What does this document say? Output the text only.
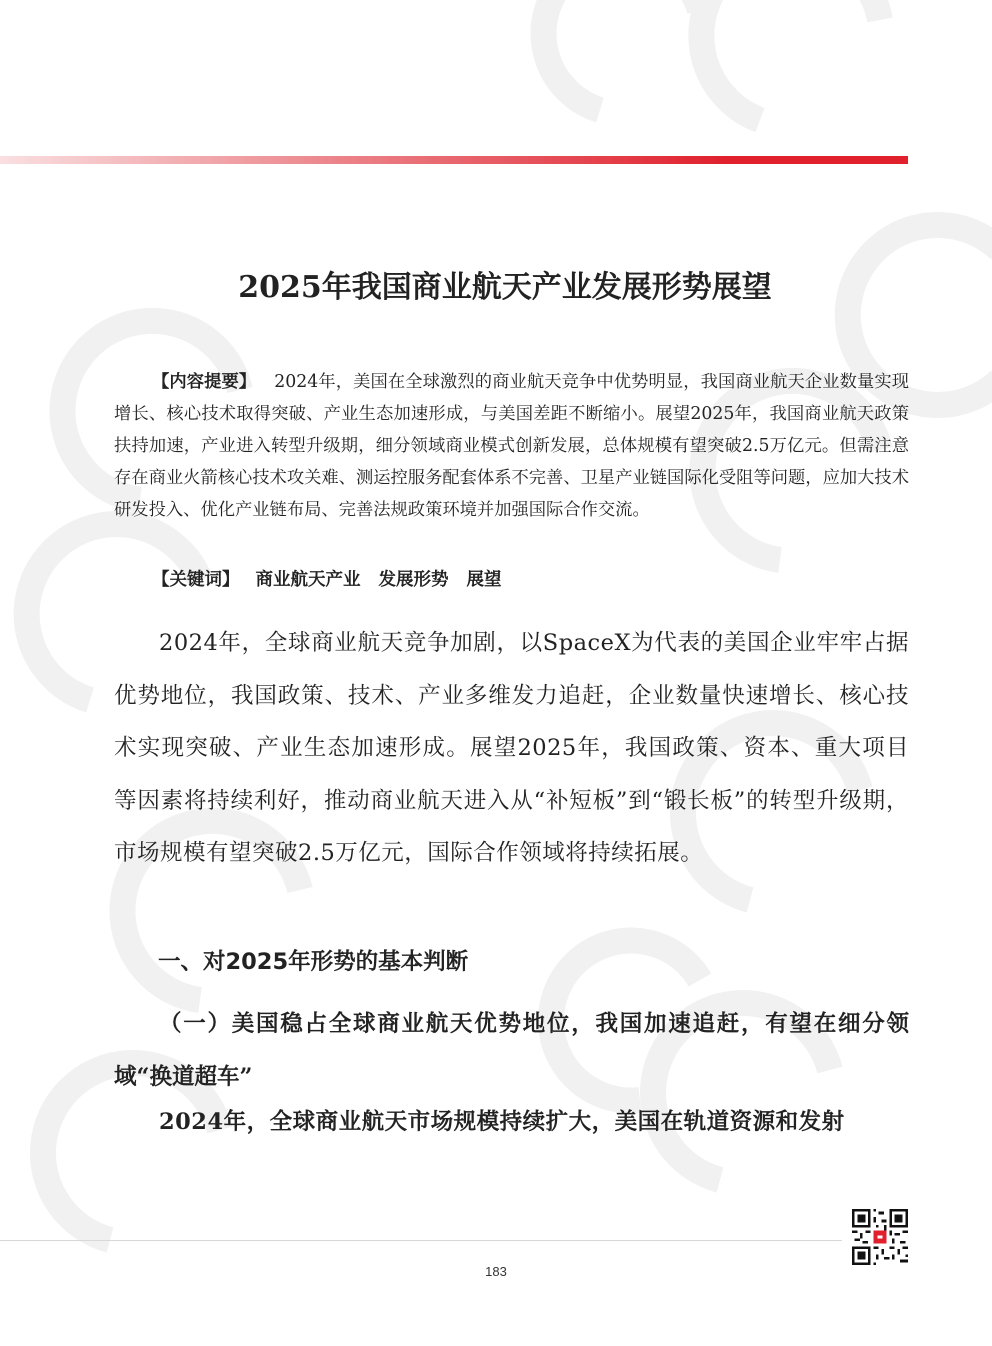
2025年我国商业航天产业发展形势展望

【内容提要】 2024年，美国在全球激烈的商业航天竞争中优势明显，我国商业航天企业数量实现增长、核心技术取得突破、产业生态加速形成，与美国差距不断缩小。展望2025年，我国商业航天政策扶持加速，产业进入转型升级期，细分领域商业模式创新发展，总体规模有望突破2.5万亿元。但需注意存在商业火箭核心技术攻关难、测运控服务配套体系不完善、卫星产业链国际化受阻等问题，应加大技术研发投入、优化产业链布局、完善法规政策环境并加强国际合作交流。

【关键词】 商业航天产业 发展形势 展望

2024年，全球商业航天竞争加剧，以SpaceX为代表的美国企业牢牢占据优势地位，我国政策、技术、产业多维发力追赶，企业数量快速增长、核心技术实现突破、产业生态加速形成。展望2025年，我国政策、资本、重大项目等因素将持续利好，推动商业航天进入从“补短板”到“锻长板”的转型升级期，市场规模有望突破2.5万亿元，国际合作领域将持续拓展。

一、对2025年形势的基本判断
（一）美国稳占全球商业航天优势地位，我国加速追赶，有望在细分领域“换道超车”

2024年，全球商业航天市场规模持续扩大，美国在轨道资源和发射

183
